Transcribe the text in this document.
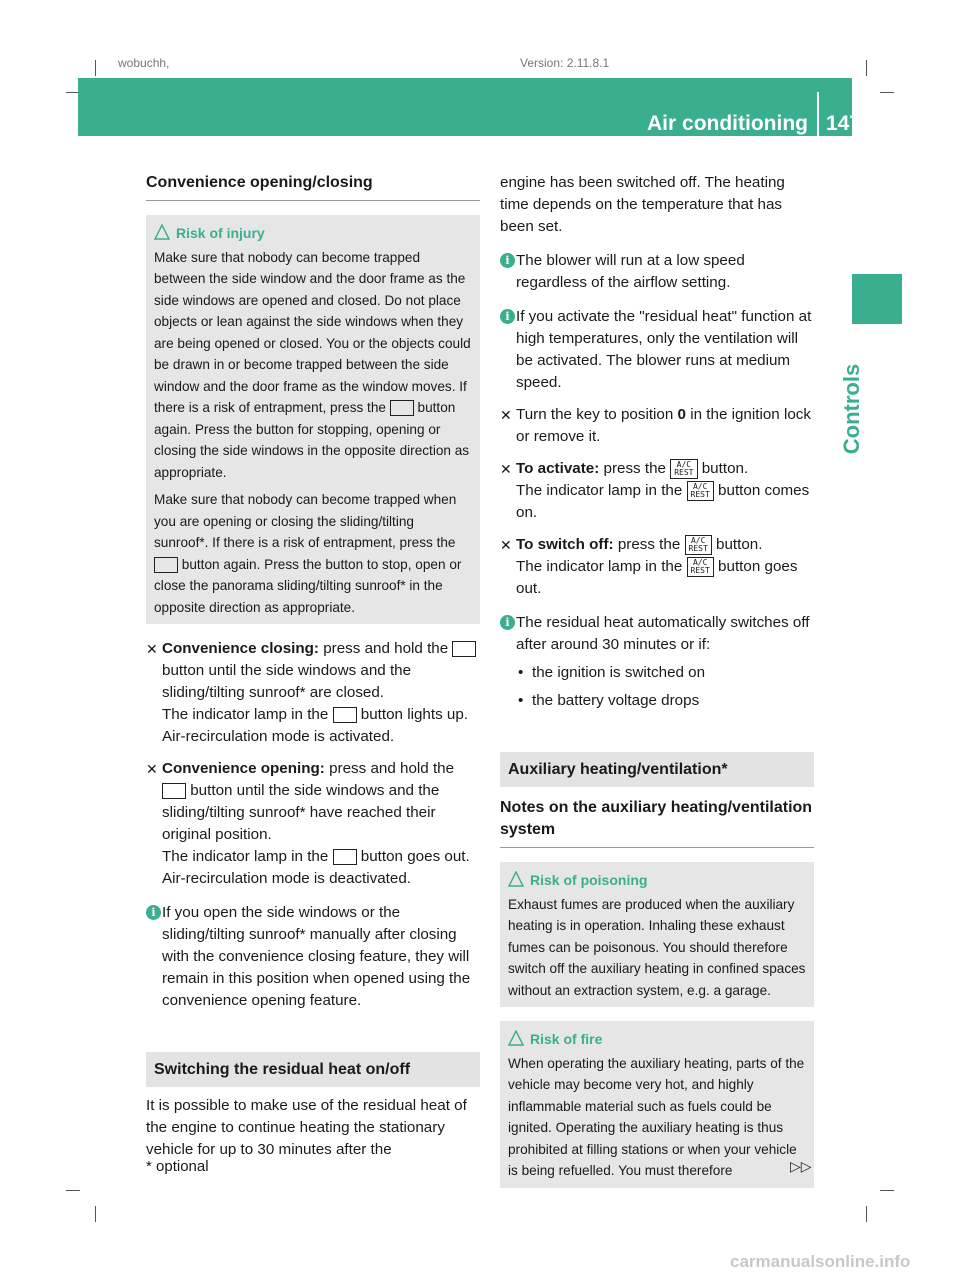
wobuchh,	Version: 2.11.8.1
Air conditioning 147
Controls

Convenience opening/closing

Risk of injury

Make sure that nobody can become trapped between the side window and the door frame as the side windows are opened and closed. Do not place objects or lean against the side windows when they are being opened or closed. You or the objects could be drawn in or become trapped between the side window and the door frame as the window moves. If there is a risk of entrapment, press the button again. Press the button for stopping, opening or closing the side windows in the opposite direction as appropriate.

Make sure that nobody can become trapped when you are opening or closing the sliding/tilting sunroof*. If there is a risk of entrapment, press the  button again. Press the button to stop, open or close the panorama sliding/tilting sunroof* in the opposite direction as appropriate.

✕ Convenience closing: press and hold the  button until the side windows and the sliding/tilting sunroof* are closed.
The indicator lamp in the button lights up. Air-recirculation mode is activated.
✕ Convenience opening: press and hold the  button until the side windows and the sliding/tilting sunroof* have reached their original position.
The indicator lamp in the button goes out. Air-recirculation mode is deactivated.
i If you open the side windows or the sliding/tilting sunroof* manually after closing with the convenience closing feature, they will remain in this position when opened using the convenience opening feature.
Switching the residual heat on/off

It is possible to make use of the residual heat of the engine to continue heating the stationary vehicle for up to 30 minutes after the

engine has been switched off. The heating time depends on the temperature that has been set.

i The blower will run at a low speed regardless of the airflow setting.
i If you activate the "residual heat" function at high temperatures, only the ventilation will be activated. The blower runs at medium speed.
✕ Turn the key to position 0 in the ignition lock or remove it.
✕ To activate: press the A/C
REST button.
The indicator lamp in the A/C
REST button comes on.
✕ To switch off: press the A/C
REST button.
The indicator lamp in the A/C
REST button goes out.
i The residual heat automatically switches off after around 30 minutes or if:
• the ignition is switched on
• the battery voltage drops
Auxiliary heating/ventilation*

Notes on the auxiliary heating/ventilation system

Risk of poisoning

Exhaust fumes are produced when the auxiliary heating is in operation. Inhaling these exhaust fumes can be poisonous. You should therefore switch off the auxiliary heating in confined spaces without an extraction system, e.g. a garage.

Risk of fire

When operating the auxiliary heating, parts of the vehicle may become very hot, and highly inflammable material such as fuels could be ignited. Operating the auxiliary heating is thus prohibited at filling stations or when your vehicle is being refuelled. You must therefore

* optional	▷▷
carmanualsonline.info
